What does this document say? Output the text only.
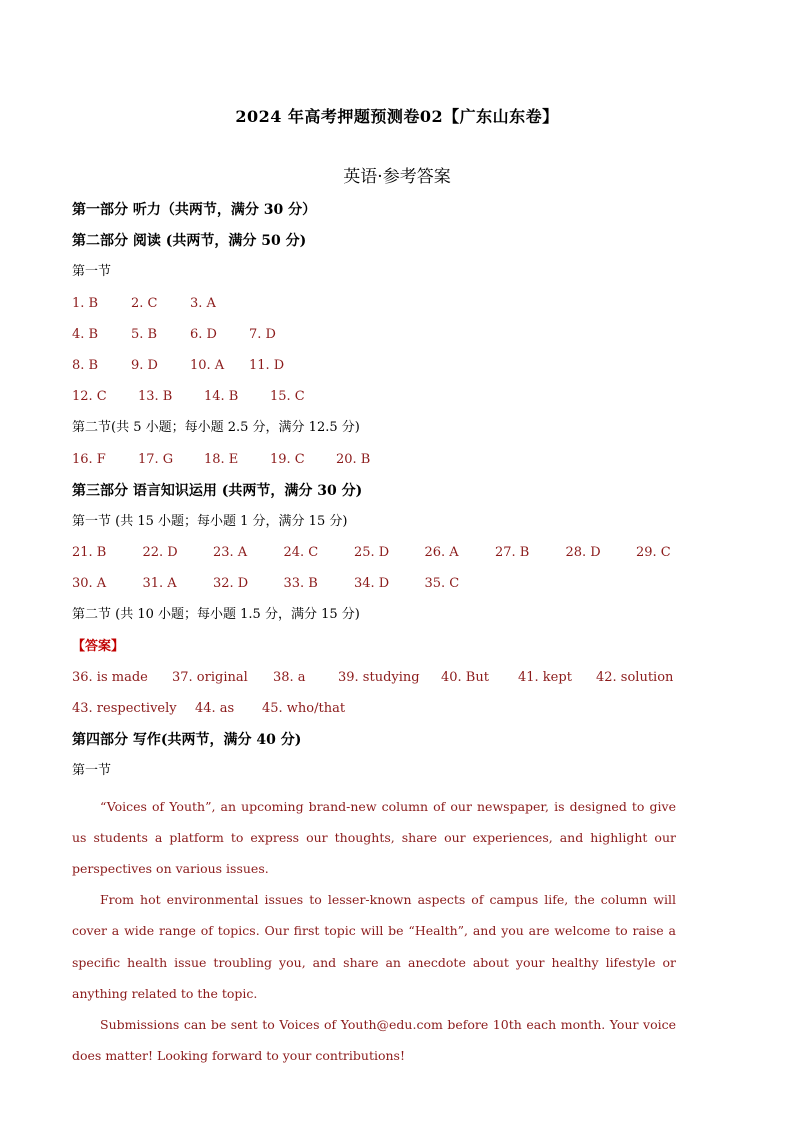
2024 年高考押题预测卷02【广东山东卷】
英语·参考答案
第一部分 听力（共两节，满分 30 分）
第二部分 阅读 (共两节，满分 50 分)
第一节
1. B	2. C	3. A
4. B	5. B	6. D 7. D
8. B	9. D 10. A 11. D
12. C 13. B 14. B 15. C
第二节(共 5 小题；每小题 2.5 分，满分 12.5 分)
16. F 17. G 18. E 19. C 20. B
第三部分 语言知识运用 (共两节，满分 30 分)
第一节 (共 15 小题；每小题 1 分，满分 15 分)
21. B	22. D	23. A	24. C	25. D	26. A	27. B	28. D	29. C
30. A	31. A	32. D	33. B	34. D	35. C
第二节 (共 10 小题；每小题 1.5 分，满分 15 分)
【答案】
36. is made 37. original 38. a 39. studying 40. But 41. kept 42. solution
43. respectively 44. as 45. who/that
第四部分 写作(共两节，满分 40 分)
第一节

“Voices of Youth”, an upcoming brand-new column of our newspaper, is designed to give us students a platform to express our thoughts, share our experiences, and highlight our perspectives on various issues.

From hot environmental issues to lesser-known aspects of campus life, the column will cover a wide range of topics. Our first topic will be “Health”, and you are welcome to raise a specific health issue troubling you, and share an anecdote about your healthy lifestyle or anything related to the topic.

Submissions can be sent to Voices of Youth@edu.com before 10th each month. Your voice does matter! Looking forward to your contributions!
